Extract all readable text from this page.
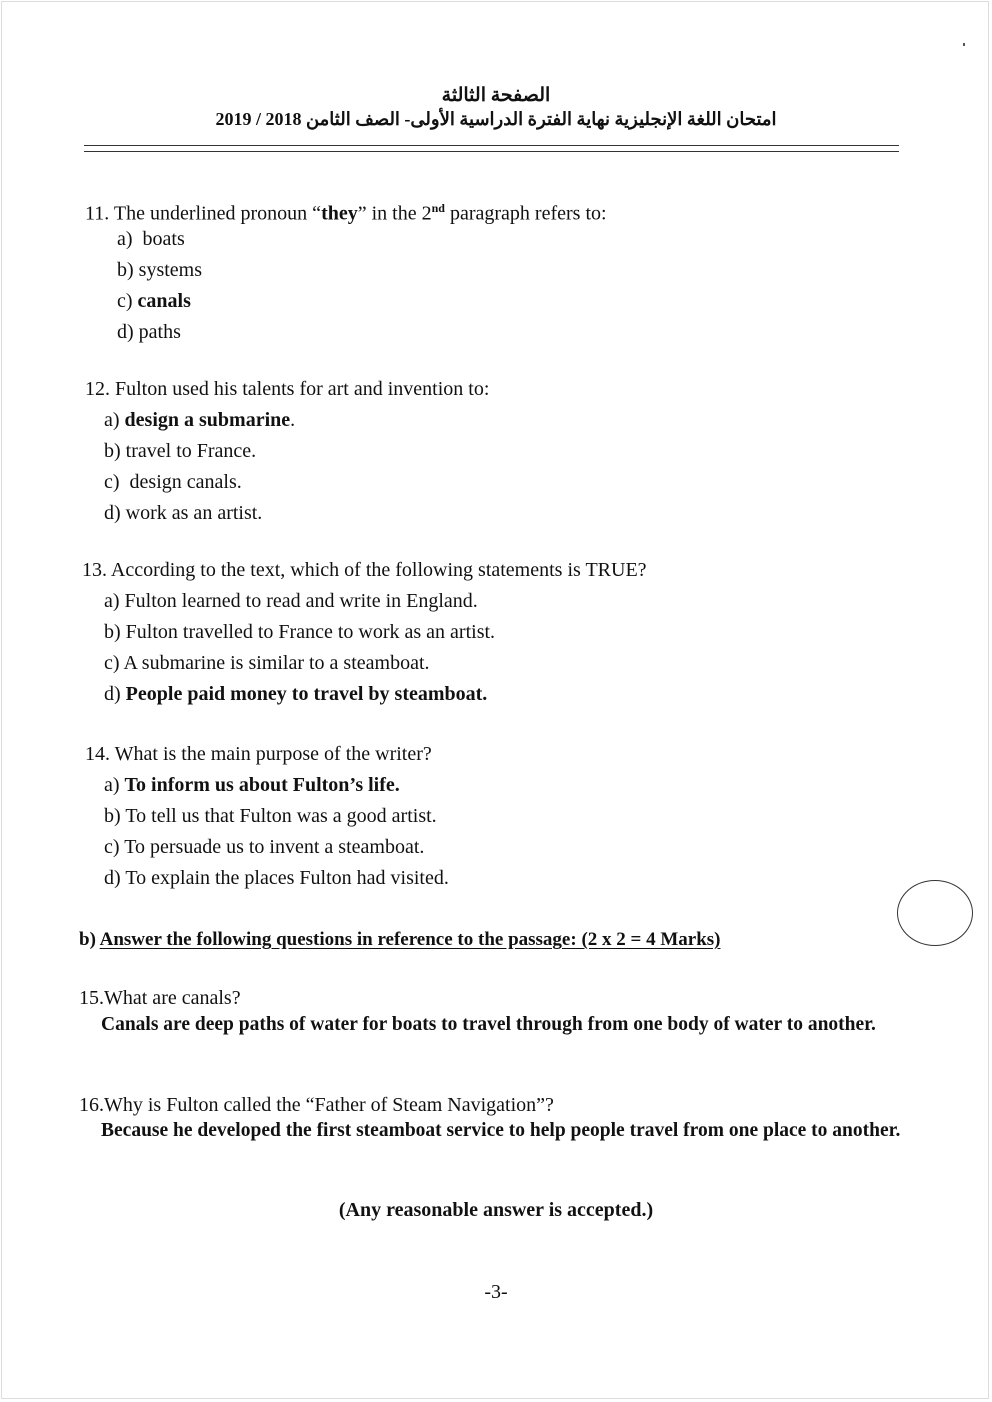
الصفحة الثالثة
امتحان اللغة الإنجليزية نهاية الفترة الدراسية الأولى- الصف الثامن 2018 / 2019
11. The underlined pronoun “they” in the 2nd paragraph refers to:
a) boats
b) systems
c) canals
d) paths
12. Fulton used his talents for art and invention to:
a) design a submarine.
b) travel to France.
c) design canals.
d) work as an artist.
13. According to the text, which of the following statements is TRUE?
a) Fulton learned to read and write in England.
b) Fulton travelled to France to work as an artist.
c) A submarine is similar to a steamboat.
d) People paid money to travel by steamboat.
14. What is the main purpose of the writer?
a) To inform us about Fulton’s life.
b) To tell us that Fulton was a good artist.
c) To persuade us to invent a steamboat.
d) To explain the places Fulton had visited.
b) Answer the following questions in reference to the passage: (2 x 2 = 4 Marks)
15.What are canals?
Canals are deep paths of water for boats to travel through from one body of water to another.
16.Why is Fulton called the “Father of Steam Navigation”?
Because he developed the first steamboat service to help people travel from one place to another.
(Any reasonable answer is accepted.)
-3-
